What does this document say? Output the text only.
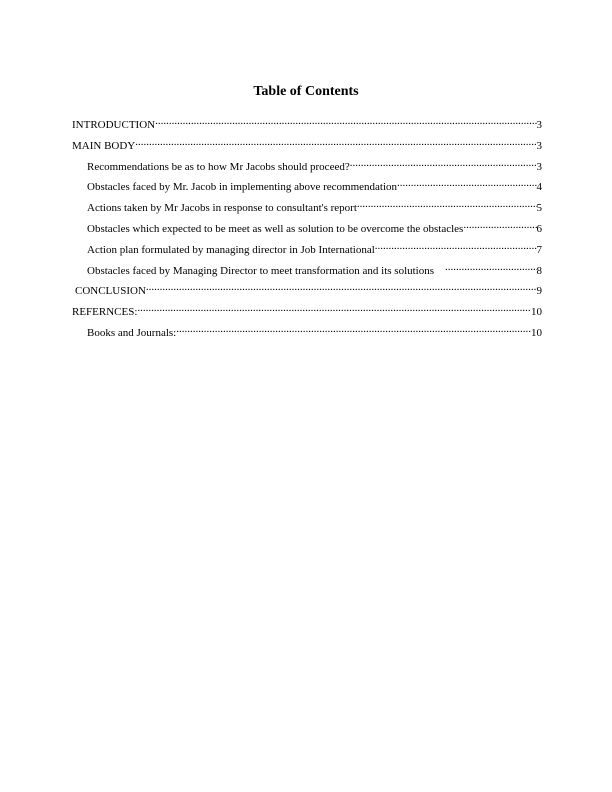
Table of Contents
INTRODUCTION .....	3
MAIN BODY .....	3
Recommendations be as to how Mr Jacobs should proceed? .....	3
Obstacles faced by Mr. Jacob in implementing above recommendation .....	4
Actions taken by Mr Jacobs in response to consultant's report .....	5
Obstacles which expected to be meet as well as solution to be overcome the obstacles .....	6
Action plan formulated by managing director in Job International .....	7
Obstacles faced by Managing Director to meet transformation and its solutions .....	8
CONCLUSION .....	9
REFERNCES: .....	10
Books and Journals: .....	10
